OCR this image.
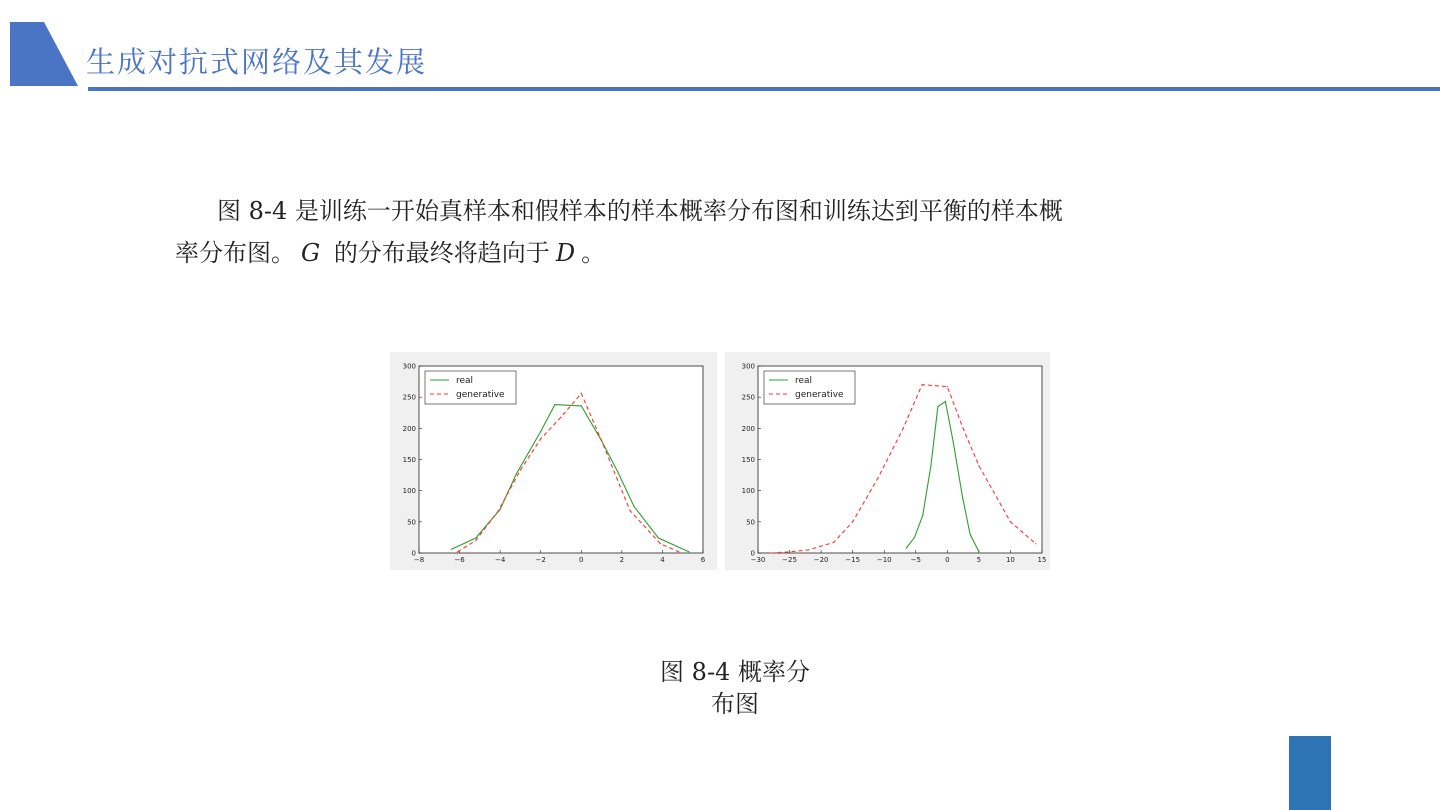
生成对抗式网络及其发展
图 8-4 是训练一开始真样本和假样本的样本概率分布图和训练达到平衡的样本概
率分布图。 G 的分布最终将趋向于 D 。
0
50
100
150
200
250
300
−8	−6	−4	−2	0	2	4	6
real
generative
0
50
100
150
200
250
300
−30 −25 −20 −15 −10	−5	0	5	10	15
real
generative
图 8-4 概率分
布图
